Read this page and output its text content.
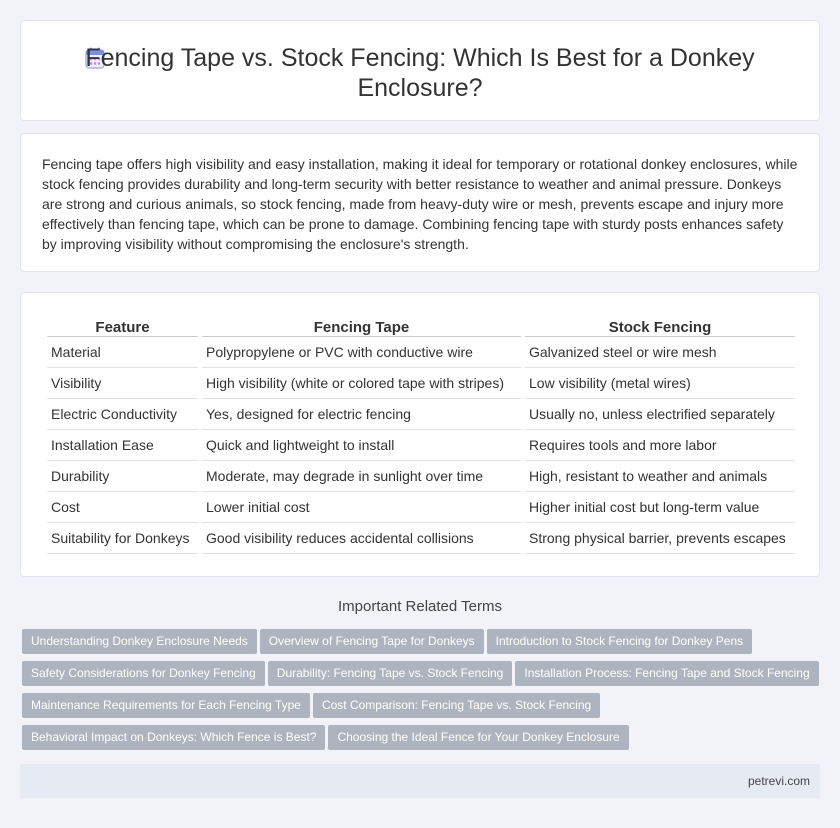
Fencing Tape vs. Stock Fencing: Which Is Best for a Donkey Enclosure?

Fencing tape offers high visibility and easy installation, making it ideal for temporary or rotational donkey enclosures, while stock fencing provides durability and long-term security with better resistance to weather and animal pressure. Donkeys are strong and curious animals, so stock fencing, made from heavy-duty wire or mesh, prevents escape and injury more effectively than fencing tape, which can be prone to damage. Combining fencing tape with sturdy posts enhances safety by improving visibility without compromising the enclosure's strength.

Feature	Fencing Tape	Stock Fencing
Material	Polypropylene or PVC with conductive wire	Galvanized steel or wire mesh
Visibility	High visibility (white or colored tape with stripes)	Low visibility (metal wires)
Electric Conductivity	Yes, designed for electric fencing	Usually no, unless electrified separately
Installation Ease	Quick and lightweight to install	Requires tools and more labor
Durability	Moderate, may degrade in sunlight over time	High, resistant to weather and animals
Cost	Lower initial cost	Higher initial cost but long-term value
Suitability for Donkeys	Good visibility reduces accidental collisions	Strong physical barrier, prevents escapes
Important Related Terms
Understanding Donkey Enclosure Needs Overview of Fencing Tape for Donkeys Introduction to Stock Fencing for Donkey Pens
Safety Considerations for Donkey Fencing Durability: Fencing Tape vs. Stock Fencing Installation Process: Fencing Tape and Stock Fencing
Maintenance Requirements for Each Fencing Type Cost Comparison: Fencing Tape vs. Stock Fencing
Behavioral Impact on Donkeys: Which Fence is Best? Choosing the Ideal Fence for Your Donkey Enclosure
petrevi.com
